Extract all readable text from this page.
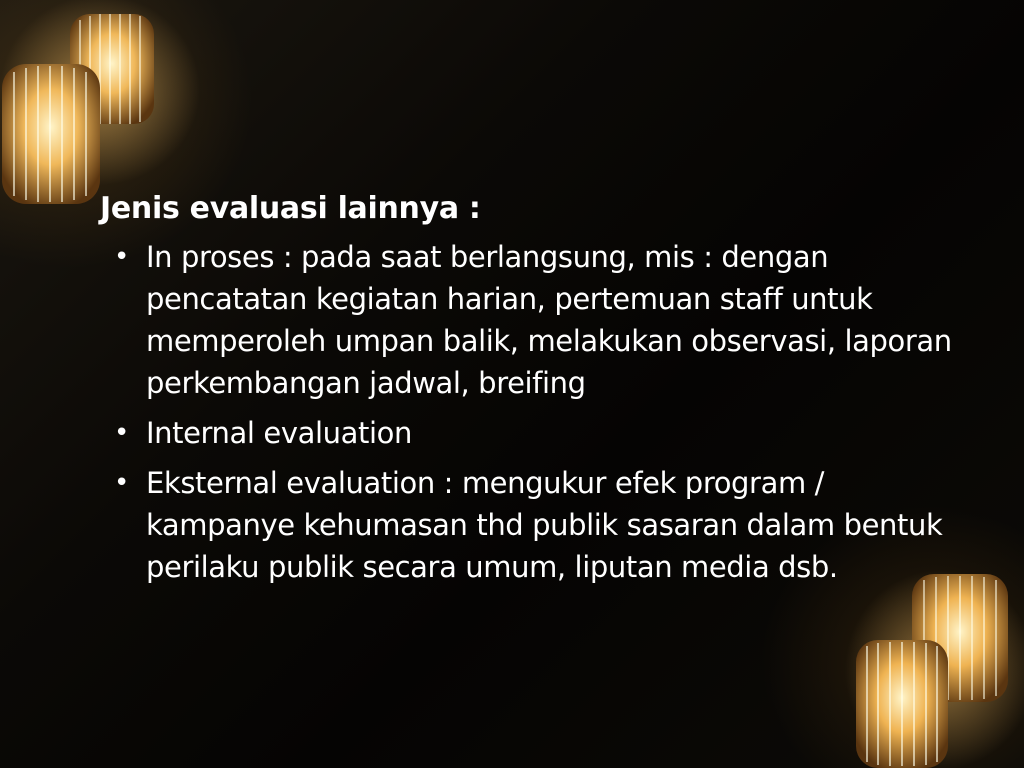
Jenis evaluasi lainnya :
• In proses : pada saat berlangsung, mis : dengan pencatatan kegiatan harian, pertemuan staff untuk memperoleh umpan balik, melakukan observasi, laporan perkembangan jadwal, breifing
• Internal evaluation
• Eksternal evaluation : mengukur efek program / kampanye kehumasan thd publik sasaran dalam bentuk perilaku publik secara umum, liputan media dsb.
